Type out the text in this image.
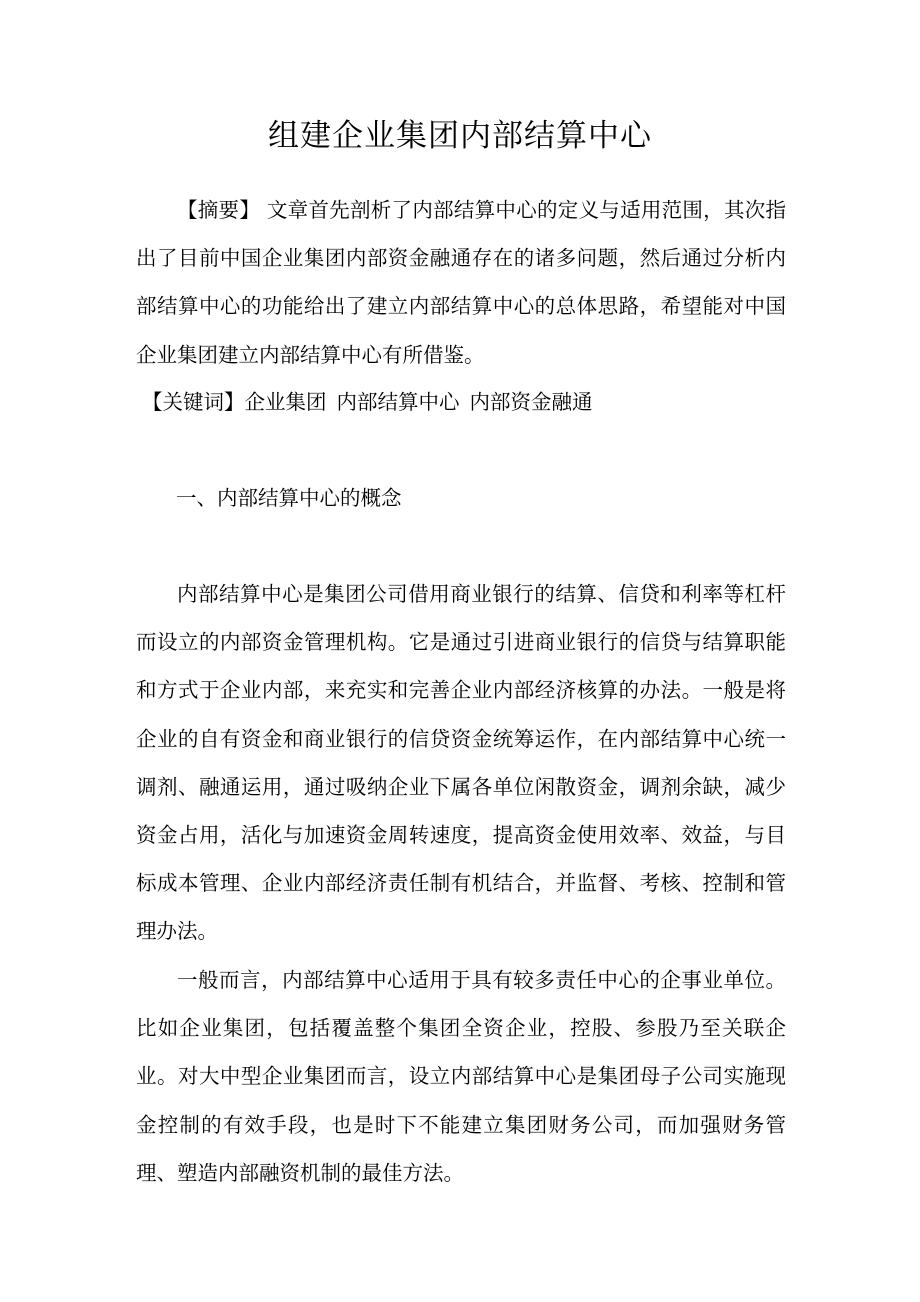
组建企业集团内部结算中心

【摘要】 文章首先剖析了内部结算中心的定义与适用范围，其次指出了目前中国企业集团内部资金融通存在的诸多问题，然后通过分析内部结算中心的功能给出了建立内部结算中心的总体思路，希望能对中国企业集团建立内部结算中心有所借鉴。

【关键词】企业集团 内部结算中心 内部资金融通

一、内部结算中心的概念

内部结算中心是集团公司借用商业银行的结算、信贷和利率等杠杆而设立的内部资金管理机构。它是通过引进商业银行的信贷与结算职能和方式于企业内部，来充实和完善企业内部经济核算的办法。一般是将企业的自有资金和商业银行的信贷资金统筹运作，在内部结算中心统一调剂、融通运用，通过吸纳企业下属各单位闲散资金，调剂余缺，减少资金占用，活化与加速资金周转速度，提高资金使用效率、效益，与目标成本管理、企业内部经济责任制有机结合，并监督、考核、控制和管理办法。

一般而言，内部结算中心适用于具有较多责任中心的企事业单位。比如企业集团，包括覆盖整个集团全资企业，控股、参股乃至关联企业。对大中型企业集团而言，设立内部结算中心是集团母子公司实施现金控制的有效手段，也是时下不能建立集团财务公司，而加强财务管理、塑造内部融资机制的最佳方法。
